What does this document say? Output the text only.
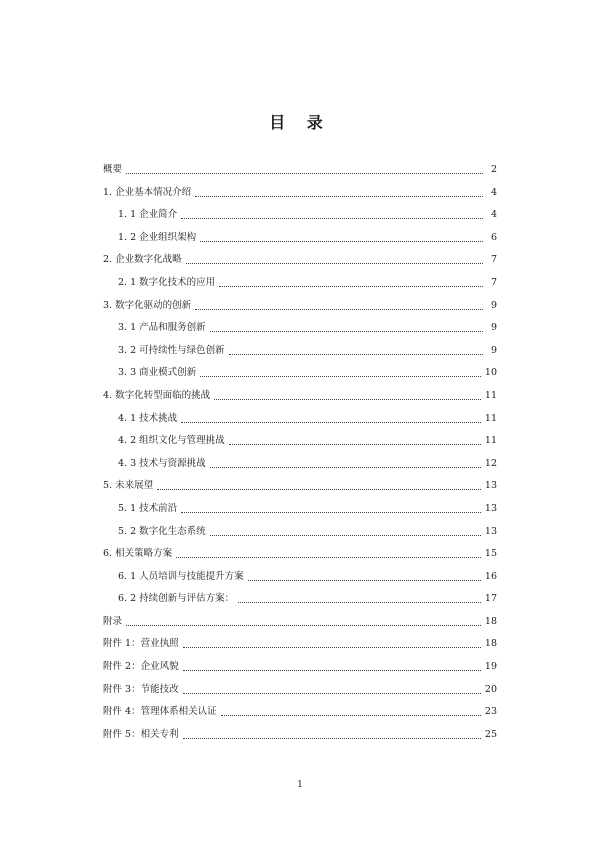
目 录
概要	2
1. 企业基本情况介绍	4
1. 1 企业简介	4
1. 2 企业组织架构	6
2. 企业数字化战略	7
2. 1 数字化技术的应用	7
3. 数字化驱动的创新	9
3. 1 产品和服务创新	9
3. 2 可持续性与绿色创新	9
3. 3 商业模式创新	10
4. 数字化转型面临的挑战	11
4. 1 技术挑战	11
4. 2 组织文化与管理挑战	11
4. 3 技术与资源挑战	12
5. 未来展望	13
5. 1 技术前沿	13
5. 2 数字化生态系统	13
6. 相关策略方案	15
6. 1 人员培训与技能提升方案	16
6. 2 持续创新与评估方案：	17
附录	18
附件 1：营业执照	18
附件 2：企业风貌	19
附件 3：节能技改	20
附件 4：管理体系相关认证	23
附件 5：相关专利	25
1
